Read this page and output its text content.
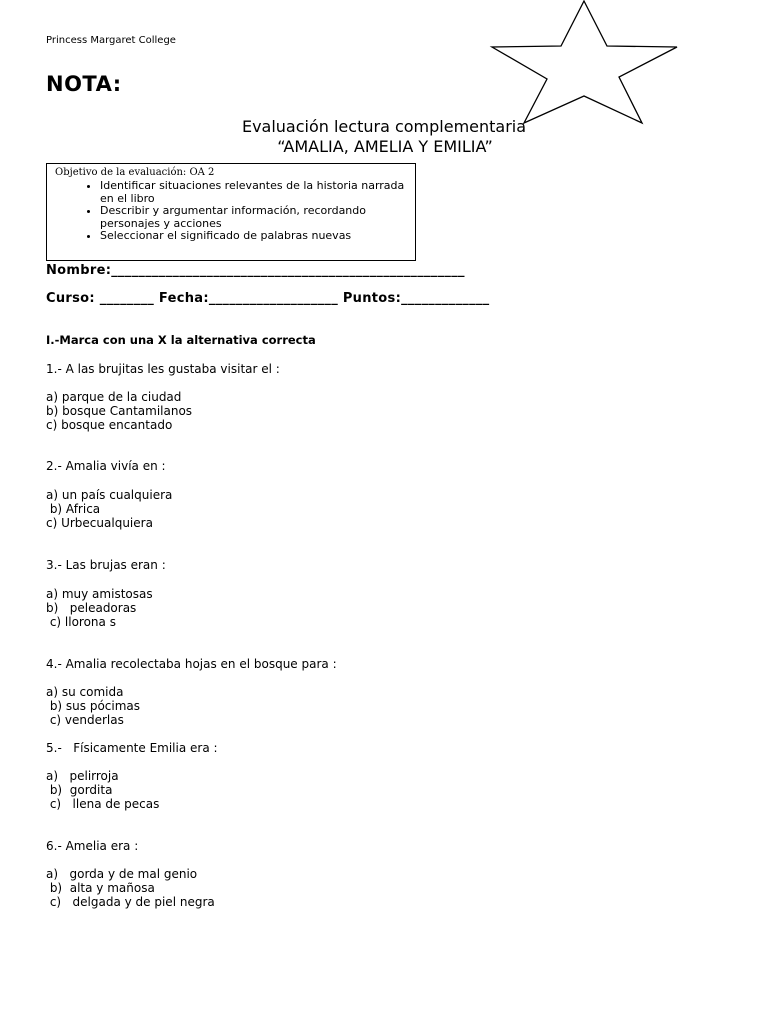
Princess Margaret College
NOTA:
Evaluación lectura complementaria
“AMALIA, AMELIA Y EMILIA”
Objetivo de la evaluación: OA 2
• Identificar situaciones relevantes de la historia narrada en el libro
• Describir y argumentar información, recordando personajes y acciones
• Seleccionar el significado de palabras nuevas
Nombre:____________________________________________________
Curso: ________ Fecha:___________________ Puntos:_____________
I.-Marca con una X la alternativa correcta
1.- A las brujitas les gustaba visitar el :
a) parque de la ciudad
b) bosque Cantamilanos
c) bosque encantado
2.- Amalia vivía en :
a) un país cualquiera
b) Africa
c) Urbecualquiera
3.- Las brujas eran :
a) muy amistosas
b)   peleadoras
c) llorona s
4.- Amalia recolectaba hojas en el bosque para :
a) su comida
b) sus pócimas
c) venderlas
5.-   Físicamente Emilia era :
a)   pelirroja
b)  gordita
c)   llena de pecas
6.- Amelia era :
a)   gorda y de mal genio
b)  alta y mañosa
c)   delgada y de piel negra
